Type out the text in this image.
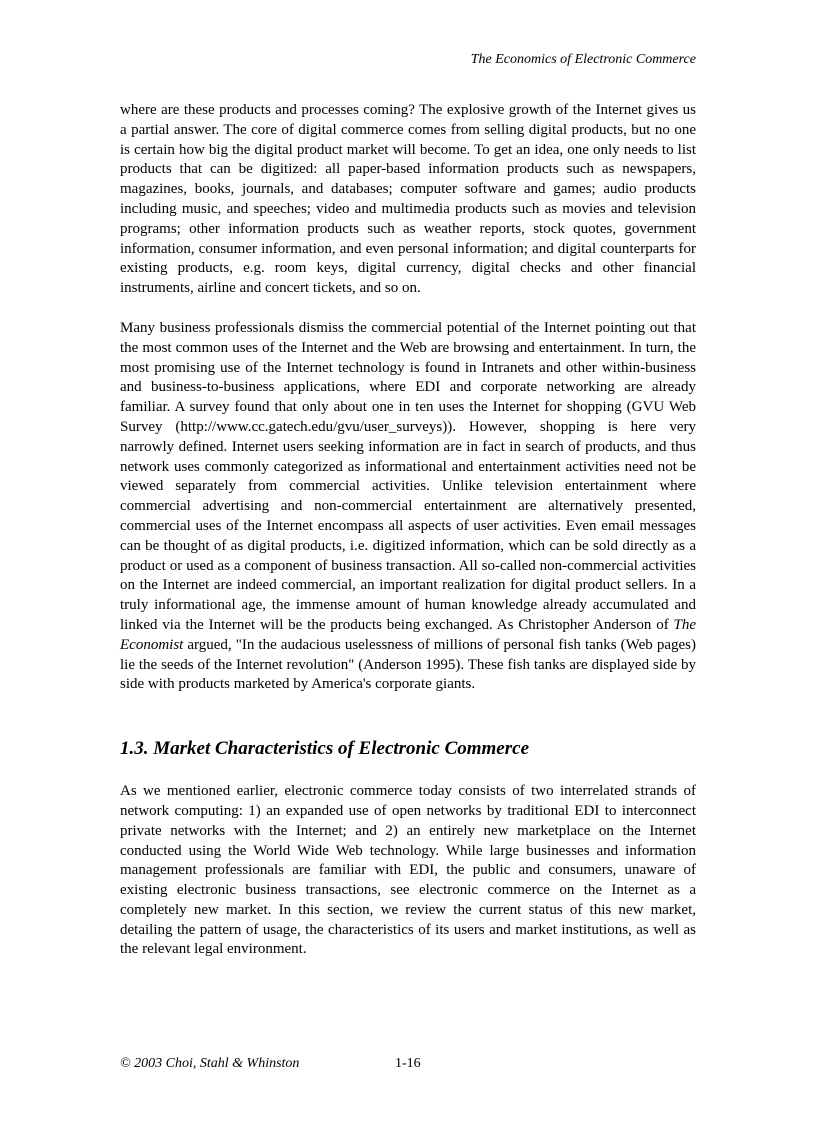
The Economics of Electronic Commerce

where are these products and processes coming? The explosive growth of the Internet gives us a partial answer. The core of digital commerce comes from selling digital products, but no one is certain how big the digital product market will become. To get an idea, one only needs to list products that can be digitized: all paper-based information products such as newspapers, magazines, books, journals, and databases; computer software and games; audio products including music, and speeches; video and multimedia products such as movies and television programs; other information products such as weather reports, stock quotes, government information, consumer information, and even personal information; and digital counterparts for existing products, e.g. room keys, digital currency, digital checks and other financial instruments, airline and concert tickets, and so on.

Many business professionals dismiss the commercial potential of the Internet pointing out that the most common uses of the Internet and the Web are browsing and entertainment. In turn, the most promising use of the Internet technology is found in Intranets and other within-business and business-to-business applications, where EDI and corporate networking are already familiar. A survey found that only about one in ten uses the Internet for shopping (GVU Web Survey (http://www.cc.gatech.edu/gvu/user_surveys)). However, shopping is here very narrowly defined. Internet users seeking information are in fact in search of products, and thus network uses commonly categorized as informational and entertainment activities need not be viewed separately from commercial activities. Unlike television entertainment where commercial advertising and non-commercial entertainment are alternatively presented, commercial uses of the Internet encompass all aspects of user activities. Even email messages can be thought of as digital products, i.e. digitized information, which can be sold directly as a product or used as a component of business transaction. All so-called non-commercial activities on the Internet are indeed commercial, an important realization for digital product sellers. In a truly informational age, the immense amount of human knowledge already accumulated and linked via the Internet will be the products being exchanged. As Christopher Anderson of The Economist argued, "In the audacious uselessness of millions of personal fish tanks (Web pages) lie the seeds of the Internet revolution" (Anderson 1995). These fish tanks are displayed side by side with products marketed by America's corporate giants.

1.3. Market Characteristics of Electronic Commerce

As we mentioned earlier, electronic commerce today consists of two interrelated strands of network computing: 1) an expanded use of open networks by traditional EDI to interconnect private networks with the Internet; and 2) an entirely new marketplace on the Internet conducted using the World Wide Web technology. While large businesses and information management professionals are familiar with EDI, the public and consumers, unaware of existing electronic business transactions, see electronic commerce on the Internet as a completely new market. In this section, we review the current status of this new market, detailing the pattern of usage, the characteristics of its users and market institutions, as well as the relevant legal environment.

© 2003 Choi, Stahl & Whinston	1-16
